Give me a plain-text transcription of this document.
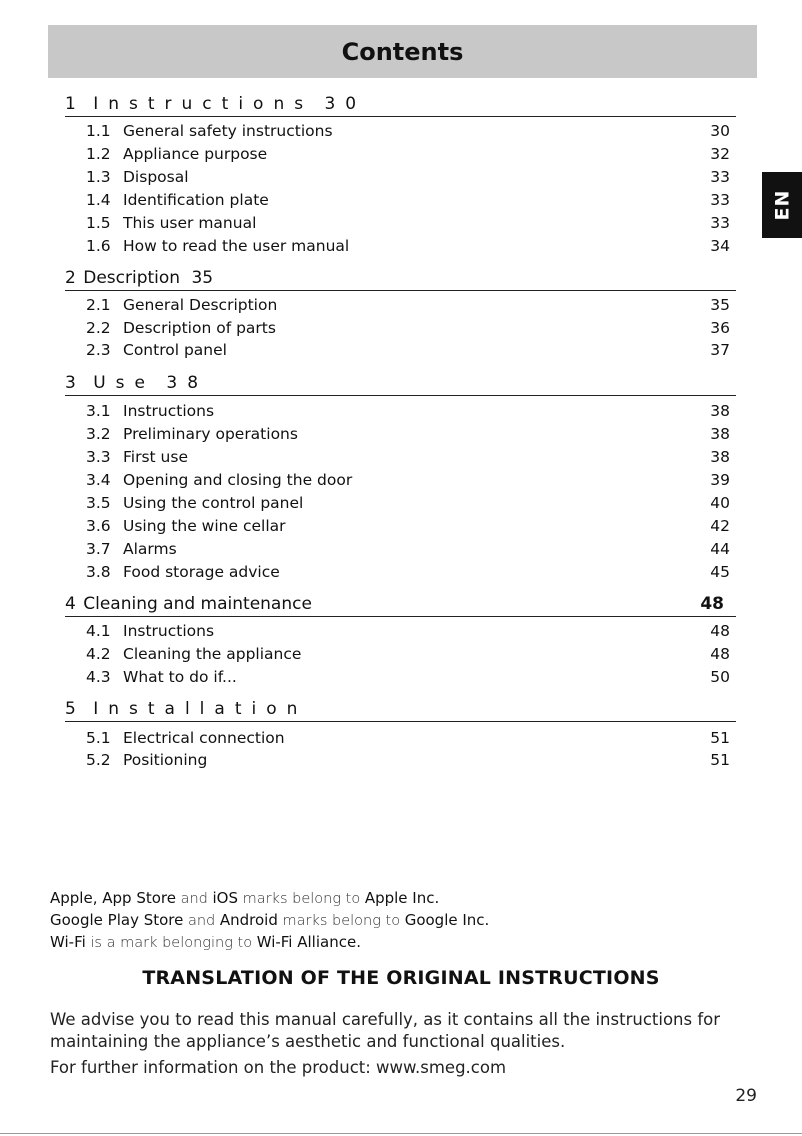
Contents
EN
1 Instructions 30
1.1 General safety instructions	30
1.2 Appliance purpose	32
1.3 Disposal	33
1.4 Identification plate	33
1.5 This user manual	33
1.6 How to read the user manual	34
2 Description 35
2.1 General Description	35
2.2 Description of parts	36
2.3 Control panel	37
3 Use 38
3.1 Instructions	38
3.2 Preliminary operations	38
3.3 First use	38
3.4 Opening and closing the door	39
3.5 Using the control panel	40
3.6 Using the wine cellar	42
3.7 Alarms	44
3.8 Food storage advice	45
4 Cleaning and maintenance	48
4.1 Instructions	48
4.2 Cleaning the appliance	48
4.3 What to do if...	50
5 Installation
5.1 Electrical connection	51
5.2 Positioning	51
Apple, App Store and iOS marks belong to Apple Inc.
Google Play Store and Android marks belong to Google Inc.
Wi-Fi is a mark belonging to Wi-Fi Alliance.
TRANSLATION OF THE ORIGINAL INSTRUCTIONS
We advise you to read this manual carefully, as it contains all the instructions for maintaining the appliance’s aesthetic and functional qualities.
For further information on the product: www.smeg.com
29
